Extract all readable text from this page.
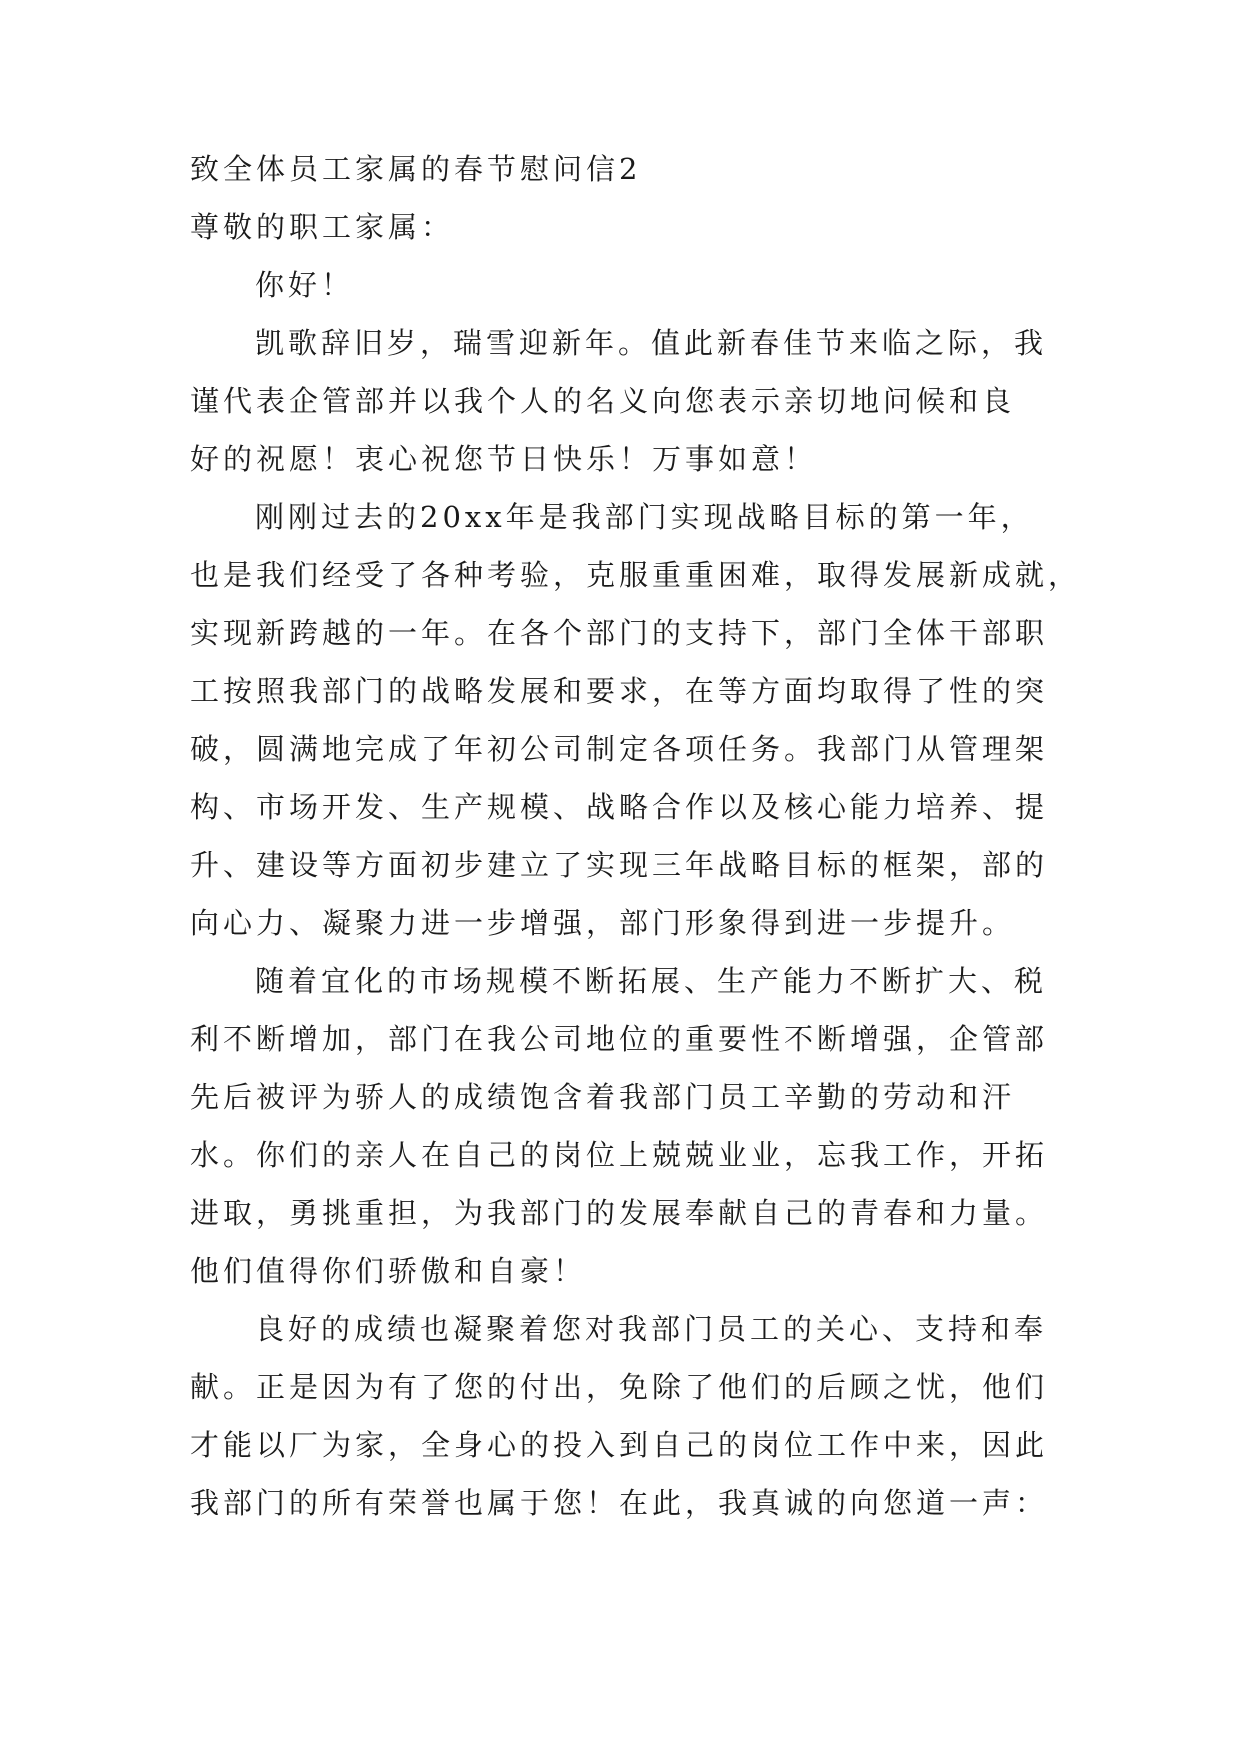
致全体员工家属的春节慰问信2

尊敬的职工家属：

你好！

凯歌辞旧岁，瑞雪迎新年。值此新春佳节来临之际，我

谨代表企管部并以我个人的名义向您表示亲切地问候和良

好的祝愿！衷心祝您节日快乐！万事如意！

刚刚过去的20xx年是我部门实现战略目标的第一年，

也是我们经受了各种考验，克服重重困难，取得发展新成就，

实现新跨越的一年。在各个部门的支持下，部门全体干部职

工按照我部门的战略发展和要求，在等方面均取得了性的突

破，圆满地完成了年初公司制定各项任务。我部门从管理架

构、市场开发、生产规模、战略合作以及核心能力培养、提

升、建设等方面初步建立了实现三年战略目标的框架，部的

向心力、凝聚力进一步增强，部门形象得到进一步提升。

随着宜化的市场规模不断拓展、生产能力不断扩大、税

利不断增加，部门在我公司地位的重要性不断增强，企管部

先后被评为骄人的成绩饱含着我部门员工辛勤的劳动和汗

水。你们的亲人在自己的岗位上兢兢业业，忘我工作，开拓

进取，勇挑重担，为我部门的发展奉献自己的青春和力量。

他们值得你们骄傲和自豪！

良好的成绩也凝聚着您对我部门员工的关心、支持和奉

献。正是因为有了您的付出，免除了他们的后顾之忧，他们

才能以厂为家，全身心的投入到自己的岗位工作中来，因此

我部门的所有荣誉也属于您！在此，我真诚的向您道一声：
